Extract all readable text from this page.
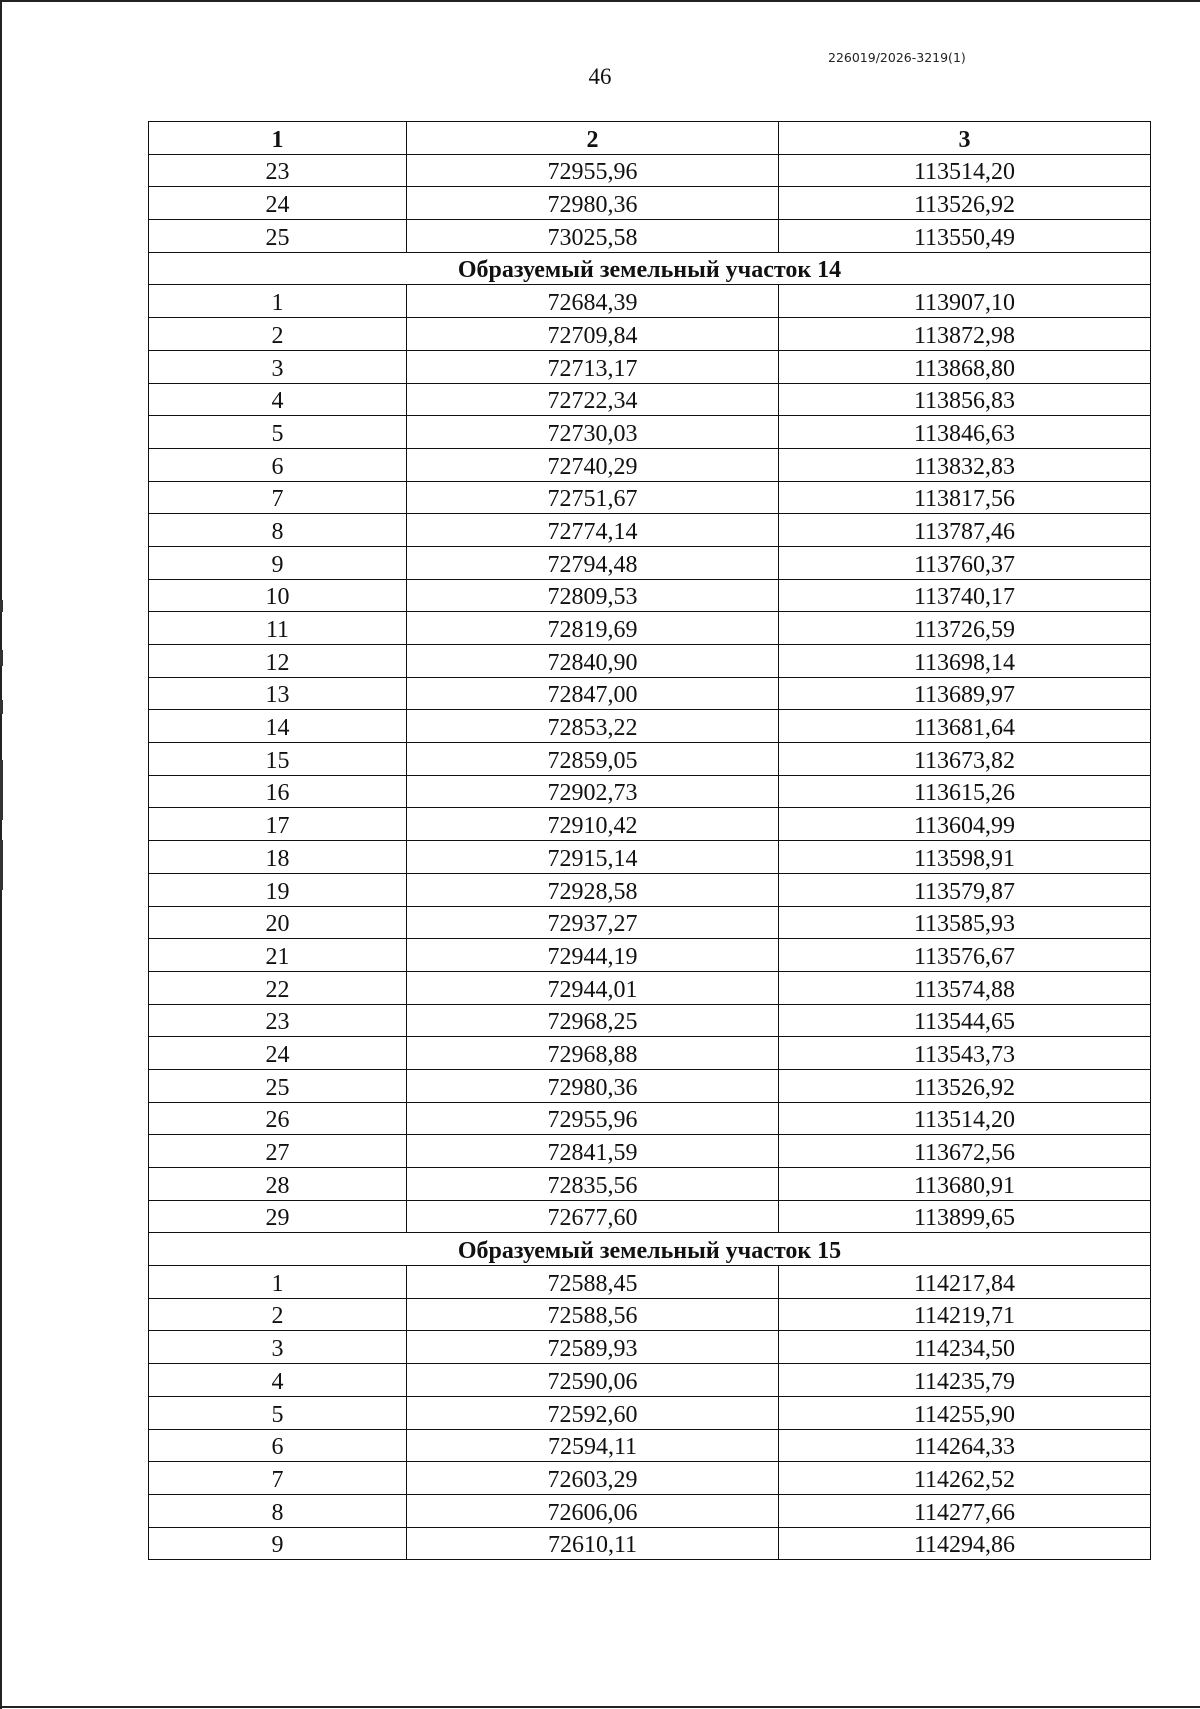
226019/2026-3219(1)
46
1	2	3
23	72955,96	113514,20
24	72980,36	113526,92
25	73025,58	113550,49
Образуемый земельный участок 14		
1	72684,39	113907,10
2	72709,84	113872,98
3	72713,17	113868,80
4	72722,34	113856,83
5	72730,03	113846,63
6	72740,29	113832,83
7	72751,67	113817,56
8	72774,14	113787,46
9	72794,48	113760,37
10	72809,53	113740,17
11	72819,69	113726,59
12	72840,90	113698,14
13	72847,00	113689,97
14	72853,22	113681,64
15	72859,05	113673,82
16	72902,73	113615,26
17	72910,42	113604,99
18	72915,14	113598,91
19	72928,58	113579,87
20	72937,27	113585,93
21	72944,19	113576,67
22	72944,01	113574,88
23	72968,25	113544,65
24	72968,88	113543,73
25	72980,36	113526,92
26	72955,96	113514,20
27	72841,59	113672,56
28	72835,56	113680,91
29	72677,60	113899,65
Образуемый земельный участок 15		
1	72588,45	114217,84
2	72588,56	114219,71
3	72589,93	114234,50
4	72590,06	114235,79
5	72592,60	114255,90
6	72594,11	114264,33
7	72603,29	114262,52
8	72606,06	114277,66
9	72610,11	114294,86
